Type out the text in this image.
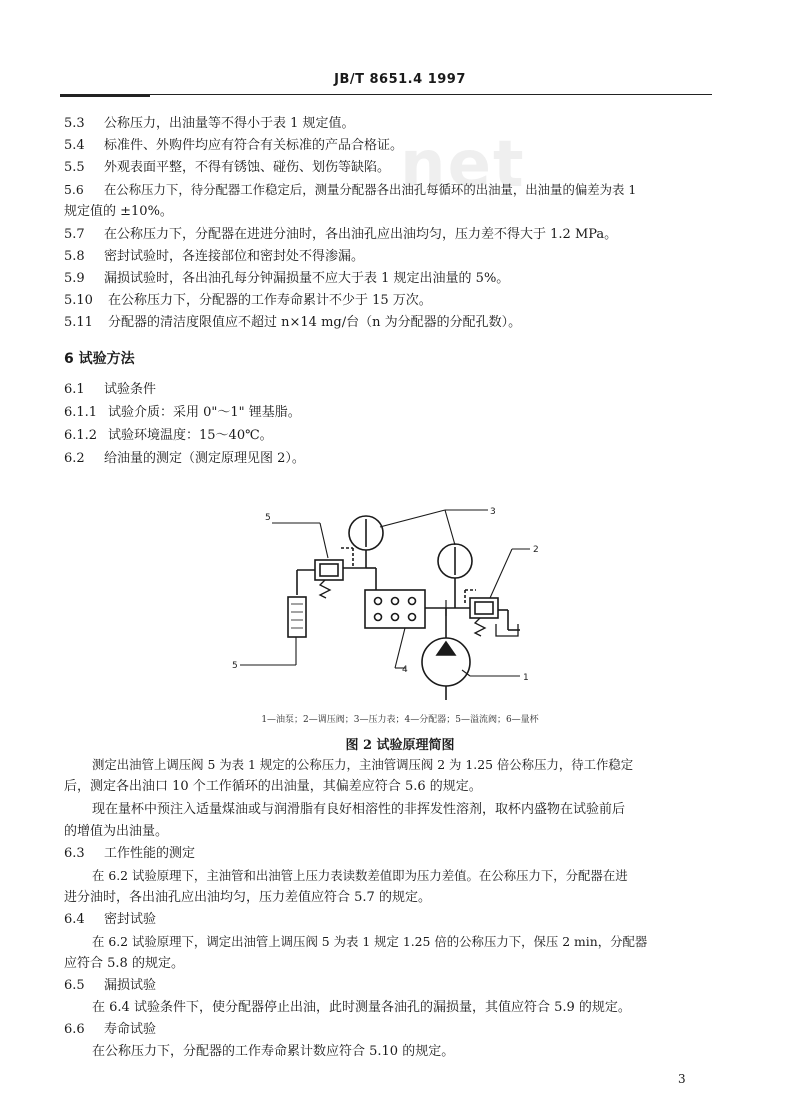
JB/T 8651.4 1997
net
5.3 公称压力，出油量等不得小于表 1 规定值。
5.4 标准件、外购件均应有符合有关标准的产品合格证。
5.5 外观表面平整，不得有锈蚀、碰伤、划伤等缺陷。
5.6 在公称压力下，待分配器工作稳定后，测量分配器各出油孔每循环的出油量，出油量的偏差为表 1
规定值的 ±10%。
5.7 在公称压力下，分配器在进进分油时，各出油孔应出油均匀，压力差不得大于 1.2 MPa。
5.8 密封试验时，各连接部位和密封处不得渗漏。
5.9 漏损试验时，各出油孔每分钟漏损量不应大于表 1 规定出油量的 5%。
5.10 在公称压力下，分配器的工作寿命累计不少于 15 万次。
5.11 分配器的清洁度限值应不超过 n×14 mg/台（n 为分配器的分配孔数）。
6 试验方法
6.1 试验条件
6.1.1 试验介质：采用 0"～1" 锂基脂。
6.1.2 试验环境温度：15～40℃。
6.2 给油量的测定（测定原理见图 2）。
5
3
2
5	4
1
1—油泵；2—调压阀；3—压力表；4—分配器；5—溢流阀；6—量杯
图 2 试验原理简图
测定出油管上调压阀 5 为表 1 规定的公称压力，主油管调压阀 2 为 1.25 倍公称压力，待工作稳定
后，测定各出油口 10 个工作循环的出油量，其偏差应符合 5.6 的规定。
现在量杯中预注入适量煤油或与润滑脂有良好相溶性的非挥发性溶剂，取杯内盛物在试验前后
的增值为出油量。
6.3 工作性能的测定
在 6.2 试验原理下，主油管和出油管上压力表读数差值即为压力差值。在公称压力下，分配器在进
进分油时，各出油孔应出油均匀，压力差值应符合 5.7 的规定。
6.4 密封试验
在 6.2 试验原理下，调定出油管上调压阀 5 为表 1 规定 1.25 倍的公称压力下，保压 2 min，分配器
应符合 5.8 的规定。
6.5 漏损试验
在 6.4 试验条件下，使分配器停止出油，此时测量各油孔的漏损量，其值应符合 5.9 的规定。
6.6 寿命试验
在公称压力下，分配器的工作寿命累计数应符合 5.10 的规定。
3
